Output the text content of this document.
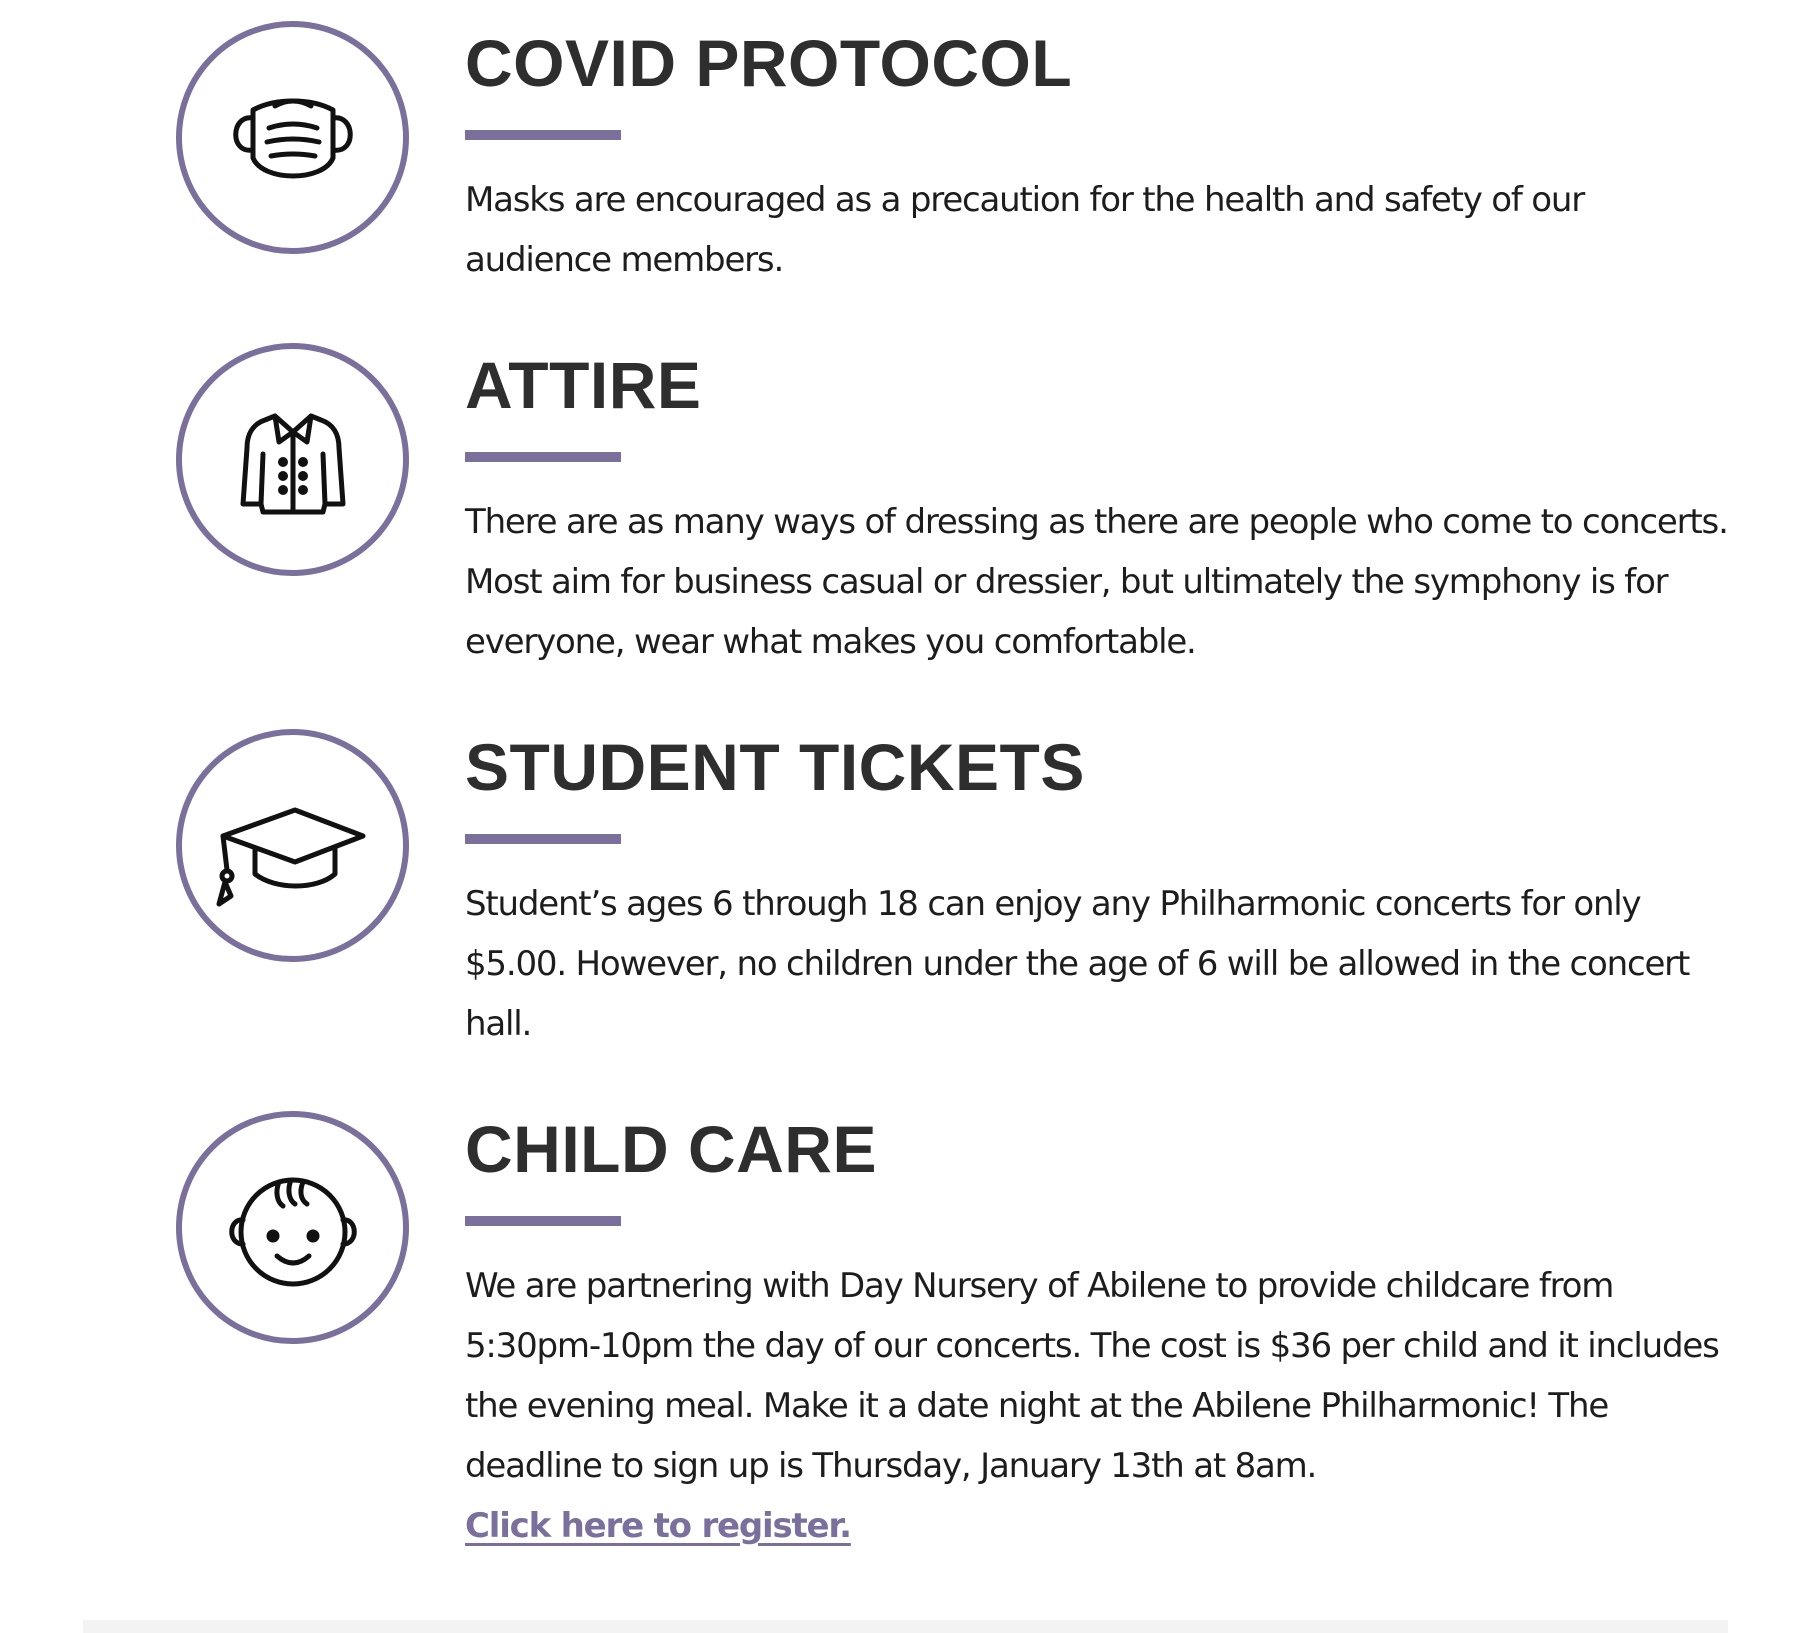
COVID PROTOCOL

Masks are encouraged as a precaution for the health and safety of our audience members.

ATTIRE

There are as many ways of dressing as there are people who come to concerts. Most aim for business casual or dressier, but ultimately the symphony is for everyone, wear what makes you comfortable.

STUDENT TICKETS

Student’s ages 6 through 18 can enjoy any Philharmonic concerts for only $5.00. However, no children under the age of 6 will be allowed in the concert hall.

CHILD CARE

We are partnering with Day Nursery of Abilene to provide childcare from 5:30pm-10pm the day of our concerts. The cost is $36 per child and it includes the evening meal. Make it a date night at the Abilene Philharmonic! The deadline to sign up is Thursday, January 13th at 8am.
Click here to register.
